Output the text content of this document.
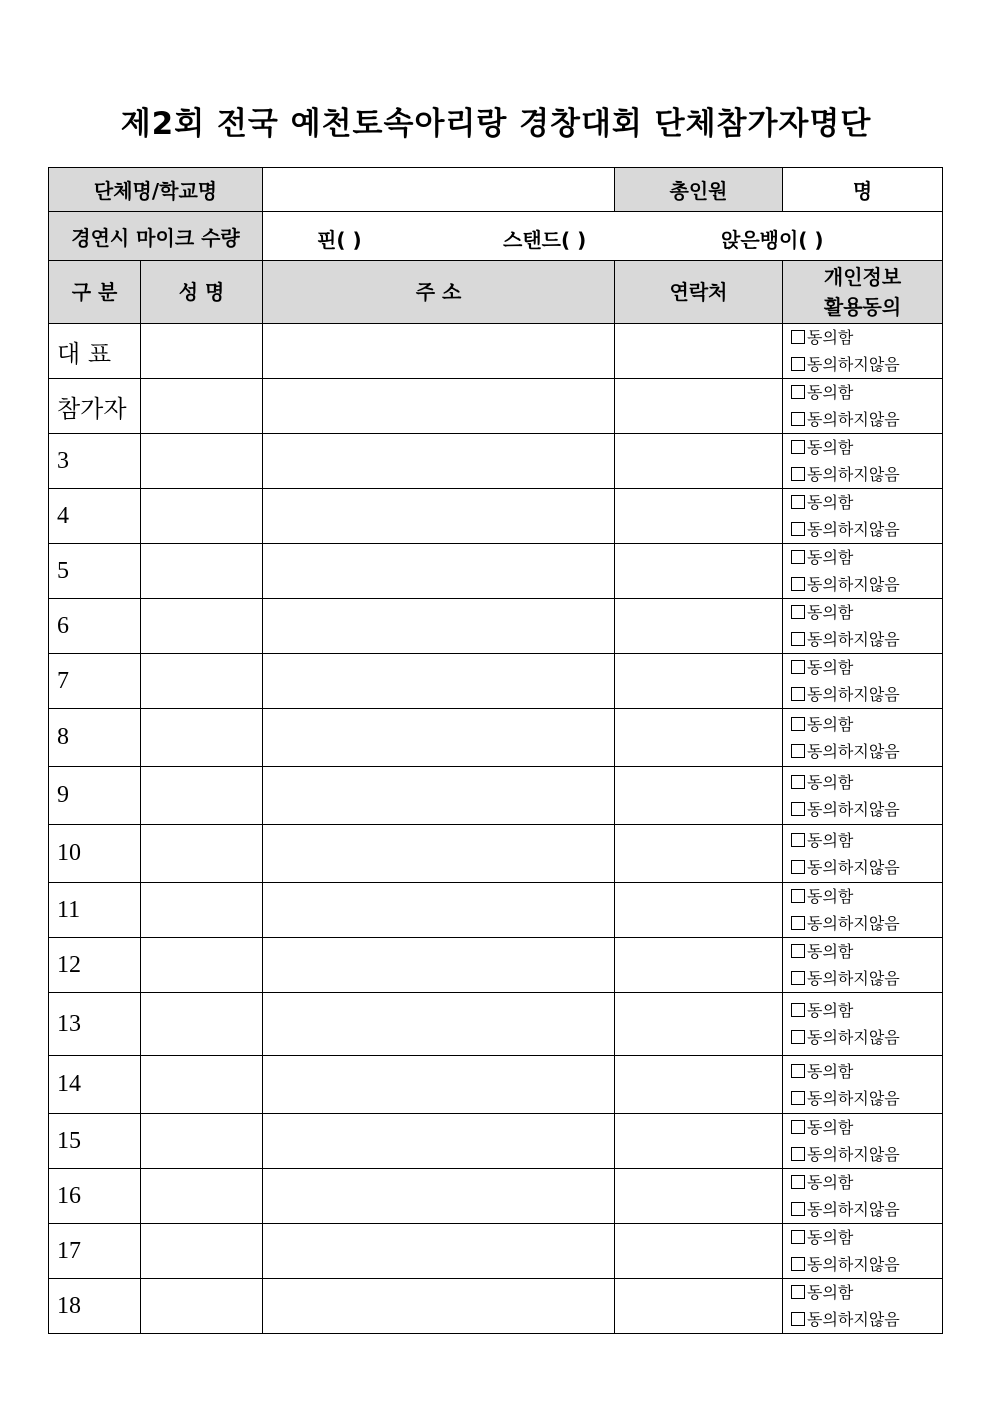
제2회 전국 예천토속아리랑 경창대회 단체참가자명단
단체명/학교명			총인원	명
경연시 마이크 수량		핀( ) 스탠드( ) 앉은뱅이( )		

구 분	성 명	주 소	연락처	개인정보
활용동의

대 표				동의함
동의하지않음

참가자				동의함
동의하지않음

3				동의함
동의하지않음

4				동의함
동의하지않음

5				동의함
동의하지않음

6				동의함
동의하지않음

7				동의함
동의하지않음

8				동의함
동의하지않음

9				동의함
동의하지않음

10				동의함
동의하지않음

11				동의함
동의하지않음

12				동의함
동의하지않음

13				동의함
동의하지않음

14				동의함
동의하지않음

15				동의함
동의하지않음

16				동의함
동의하지않음

17				동의함
동의하지않음

18				동의함
동의하지않음
